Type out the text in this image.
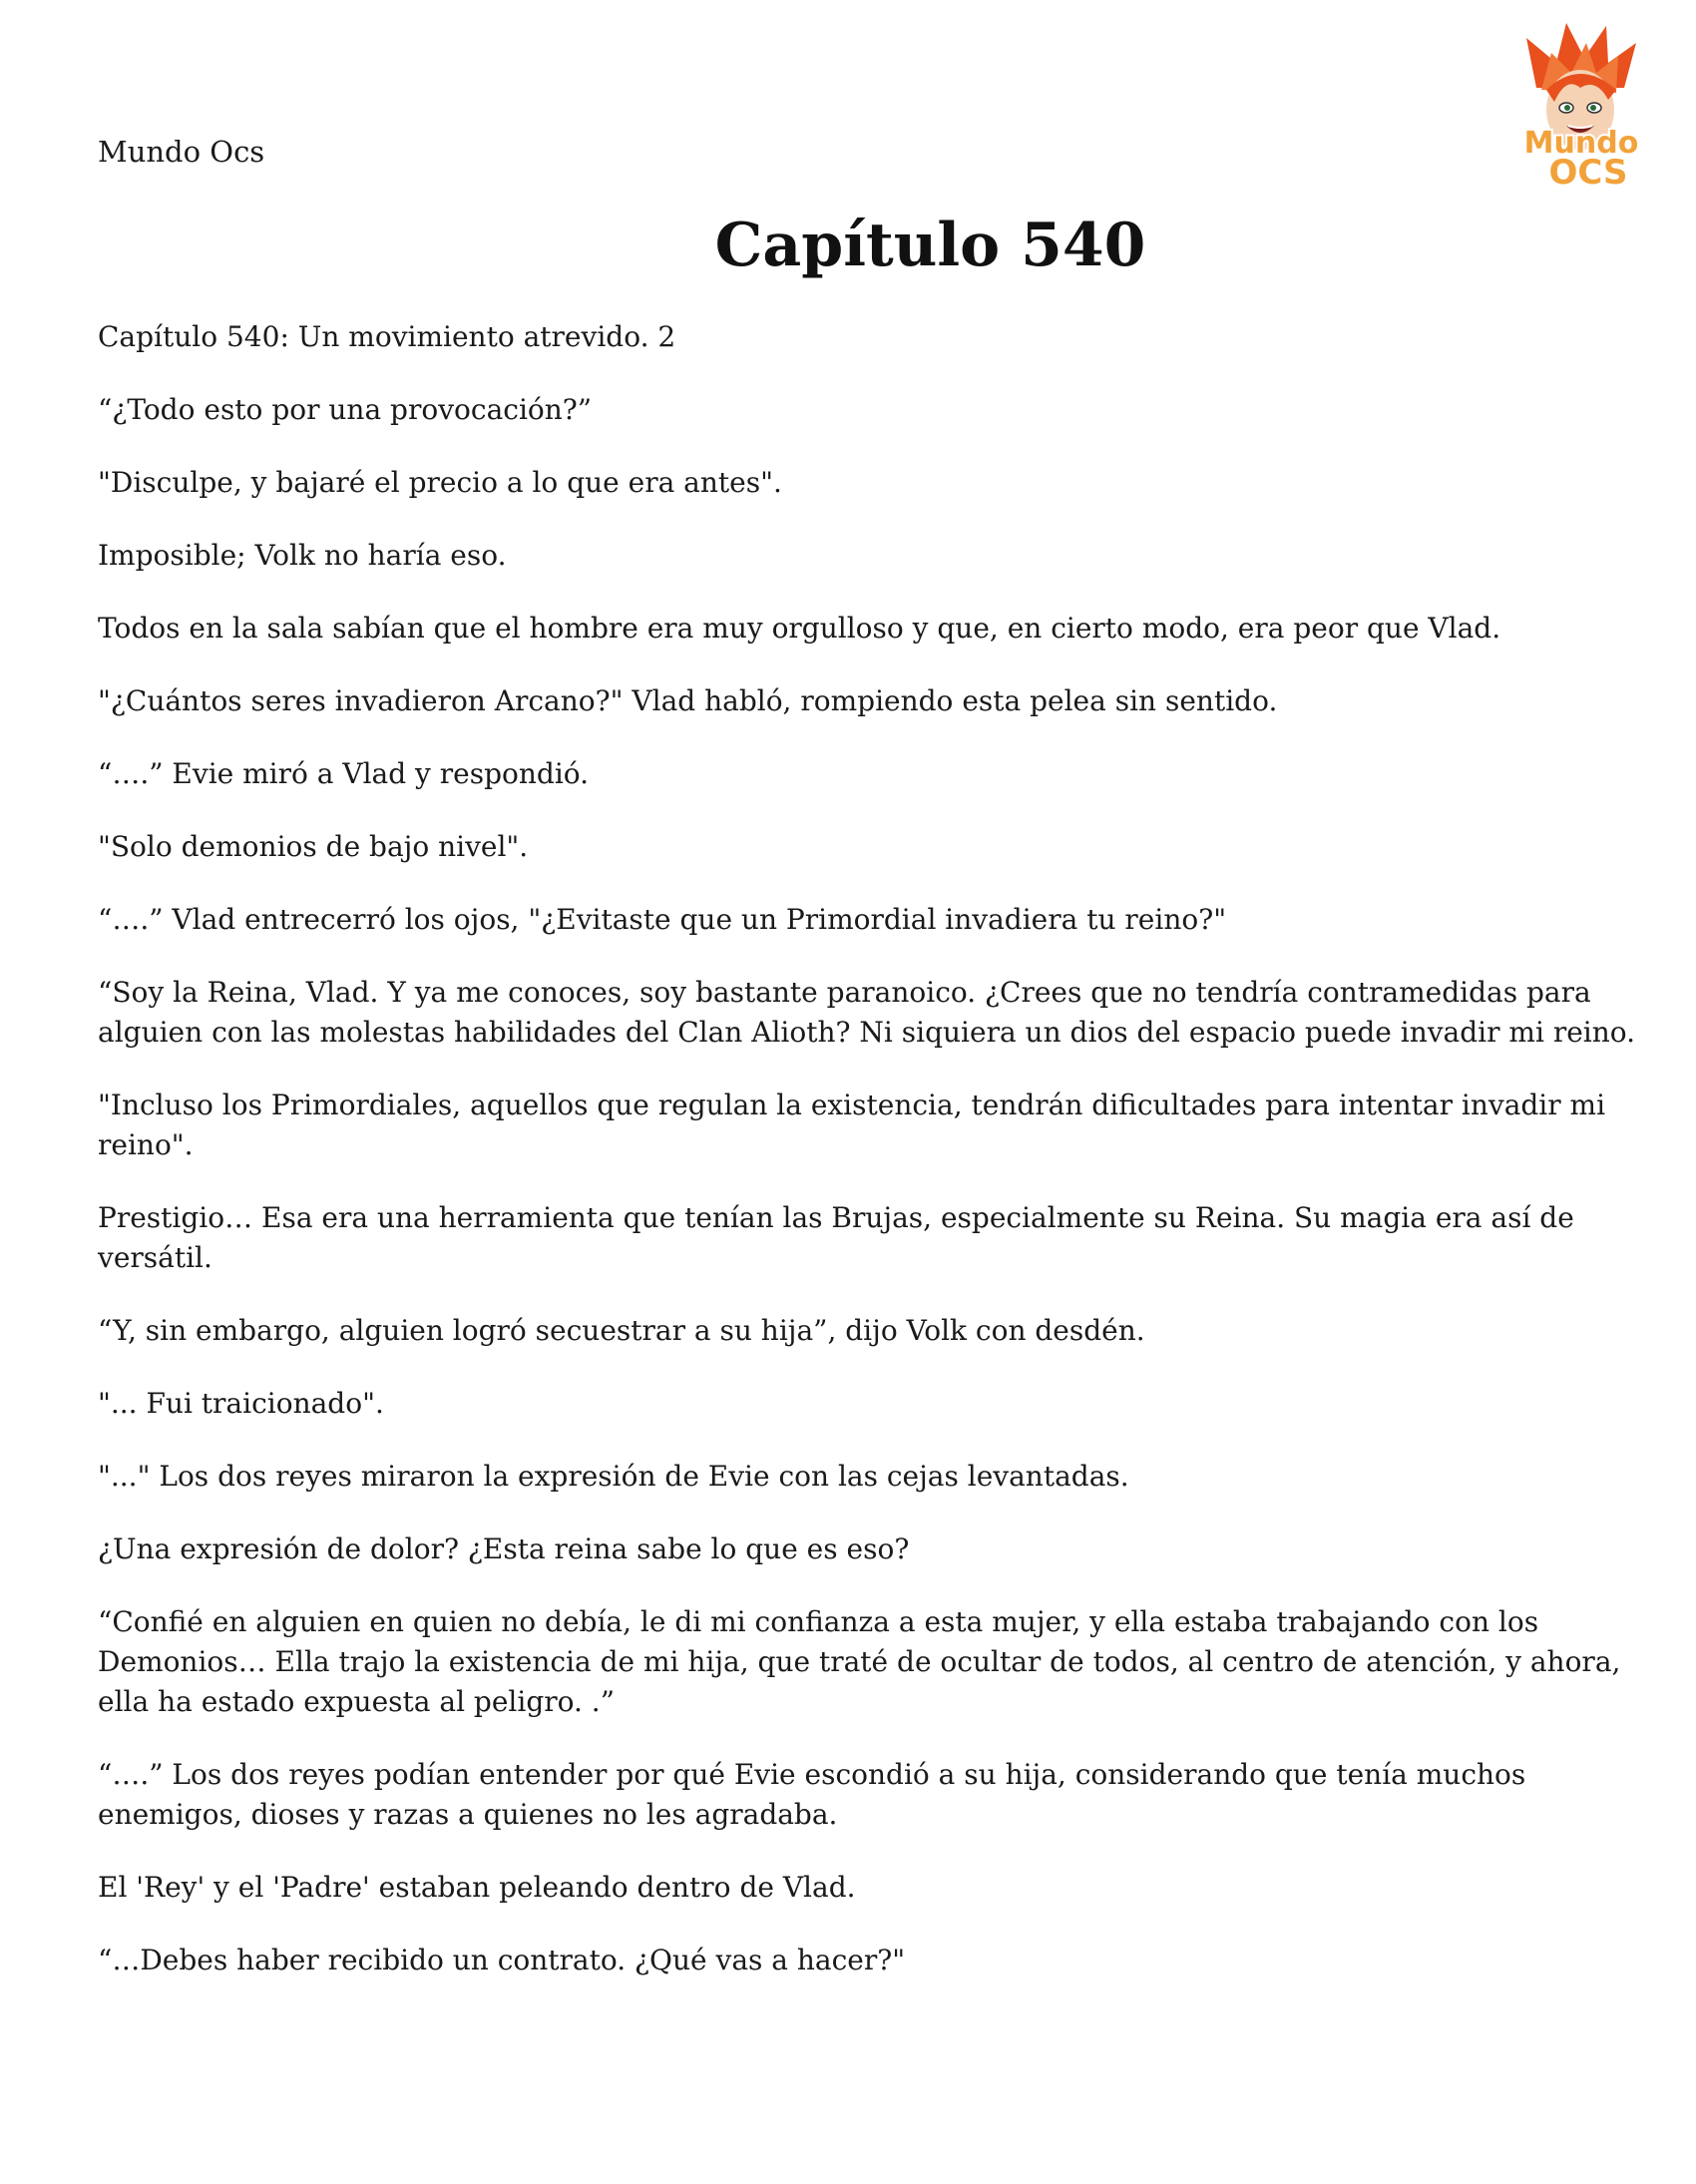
Mundo Ocs	Mundo
OCS
Capítulo 540

Capítulo 540: Un movimiento atrevido. 2

“¿Todo esto por una provocación?”

"Disculpe, y bajaré el precio a lo que era antes".

Imposible; Volk no haría eso.

Todos en la sala sabían que el hombre era muy orgulloso y que, en cierto modo, era peor que Vlad.

"¿Cuántos seres invadieron Arcano?" Vlad habló, rompiendo esta pelea sin sentido.

“….” Evie miró a Vlad y respondió.

"Solo demonios de bajo nivel".

“….” Vlad entrecerró los ojos, "¿Evitaste que un Primordial invadiera tu reino?"

“Soy la Reina, Vlad. Y ya me conoces, soy bastante paranoico. ¿Crees que no tendría contramedidas para alguien con las molestas habilidades del Clan Alioth? Ni siquiera un dios del espacio puede invadir mi reino.

"Incluso los Primordiales, aquellos que regulan la existencia, tendrán dificultades para intentar invadir mi reino".

Prestigio… Esa era una herramienta que tenían las Brujas, especialmente su Reina. Su magia era así de versátil.

“Y, sin embargo, alguien logró secuestrar a su hija”, dijo Volk con desdén.

"... Fui traicionado".

"..." Los dos reyes miraron la expresión de Evie con las cejas levantadas.

¿Una expresión de dolor? ¿Esta reina sabe lo que es eso?

“Confié en alguien en quien no debía, le di mi confianza a esta mujer, y ella estaba trabajando con los Demonios… Ella trajo la existencia de mi hija, que traté de ocultar de todos, al centro de atención, y ahora, ella ha estado expuesta al peligro. .”

“….” Los dos reyes podían entender por qué Evie escondió a su hija, considerando que tenía muchos enemigos, dioses y razas a quienes no les agradaba.

El 'Rey' y el 'Padre' estaban peleando dentro de Vlad.

“…Debes haber recibido un contrato. ¿Qué vas a hacer?"
